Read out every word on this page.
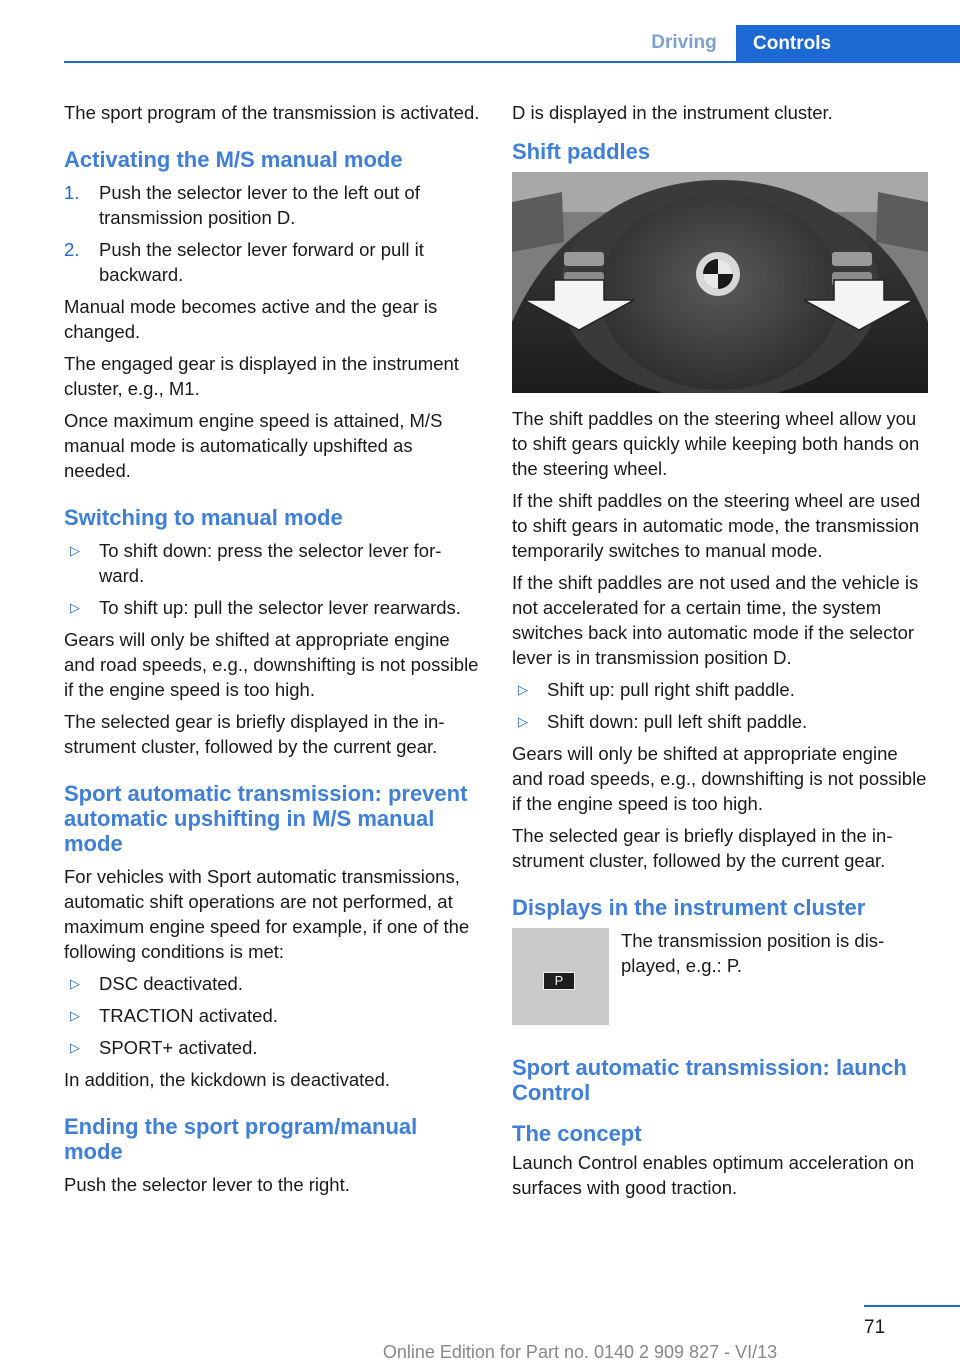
Driving	Controls

The sport program of the transmission is activated.

Activating the M/S manual mode
1. Push the selector lever to the left out of transmission position D.
2. Push the selector lever forward or pull it backward.

Manual mode becomes active and the gear is changed.

The engaged gear is displayed in the instrument cluster, e.g., M1.

Once maximum engine speed is attained, M/S manual mode is automatically upshifted as needed.

Switching to manual mode
▷ To shift down: press the selector lever forward.
▷ To shift up: pull the selector lever rearwards.

Gears will only be shifted at appropriate engine and road speeds, e.g., downshifting is not possible if the engine speed is too high.

The selected gear is briefly displayed in the instrument cluster, followed by the current gear.

Sport automatic transmission: prevent automatic upshifting in M/S manual mode

For vehicles with Sport automatic transmissions, automatic shift operations are not performed, at maximum engine speed for example, if one of the following conditions is met:

▷ DSC deactivated.
▷ TRACTION activated.
▷ SPORT+ activated.

In addition, the kickdown is deactivated.

Ending the sport program/manual mode

Push the selector lever to the right.

D is displayed in the instrument cluster.

Shift paddles

The shift paddles on the steering wheel allow you to shift gears quickly while keeping both hands on the steering wheel.

If the shift paddles on the steering wheel are used to shift gears in automatic mode, the transmission temporarily switches to manual mode.

If the shift paddles are not used and the vehicle is not accelerated for a certain time, the system switches back into automatic mode if the selector lever is in transmission position D.

▷ Shift up: pull right shift paddle.
▷ Shift down: pull left shift paddle.

Gears will only be shifted at appropriate engine and road speeds, e.g., downshifting is not possible if the engine speed is too high.

The selected gear is briefly displayed in the instrument cluster, followed by the current gear.

Displays in the instrument cluster
P
The transmission position is displayed, e.g.: P.
Sport automatic transmission: launch Control
The concept

Launch Control enables optimum acceleration on surfaces with good traction.

71
Online Edition for Part no. 0140 2 909 827 - VI/13
